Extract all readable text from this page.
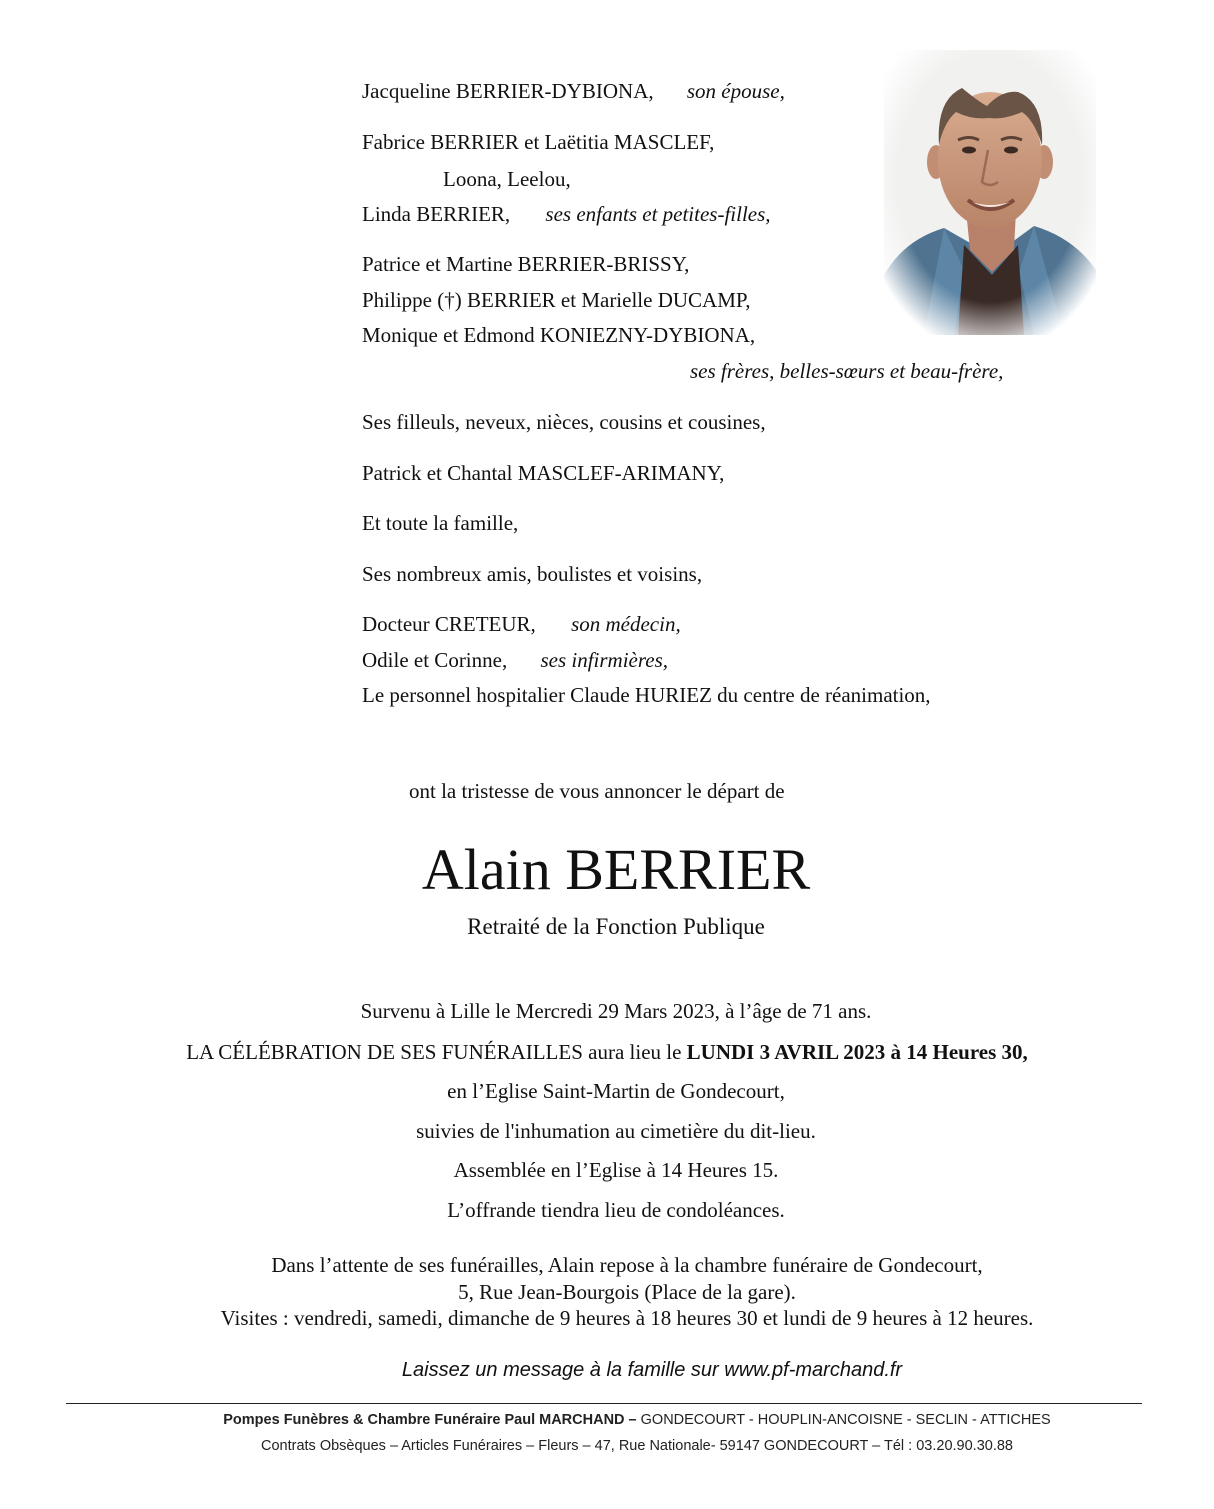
Jacqueline BERRIER-DYBIONA, son épouse,
Fabrice BERRIER et Laëtitia MASCLEF,
Loona, Leelou,
Linda BERRIER, ses enfants et petites-filles,
Patrice et Martine BERRIER-BRISSY,
Philippe (†) BERRIER et Marielle DUCAMP,
Monique et Edmond KONIEZNY-DYBIONA,
ses frères, belles-sœurs et beau-frère,
Ses filleuls, neveux, nièces, cousins et cousines,
Patrick et Chantal MASCLEF-ARIMANY,
Et toute la famille,
Ses nombreux amis, boulistes et voisins,
Docteur CRETEUR, son médecin,
Odile et Corinne, ses infirmières,
Le personnel hospitalier Claude HURIEZ du centre de réanimation,
ont la tristesse de vous annoncer le départ de
Alain BERRIER
Retraité de la Fonction Publique
Survenu à Lille le Mercredi 29 Mars 2023, à l’âge de 71 ans.
LA CÉLÉBRATION DE SES FUNÉRAILLES aura lieu le LUNDI 3 AVRIL 2023 à 14 Heures 30,
en l’Eglise Saint-Martin de Gondecourt,
suivies de l'inhumation au cimetière du dit-lieu.
Assemblée en l’Eglise à 14 Heures 15.
L’offrande tiendra lieu de condoléances.
Dans l’attente de ses funérailles, Alain repose à la chambre funéraire de Gondecourt,
5, Rue Jean-Bourgois (Place de la gare).
Visites : vendredi, samedi, dimanche de 9 heures à 18 heures 30 et lundi de 9 heures à 12 heures.
Laissez un message à la famille sur www.pf-marchand.fr
Pompes Funèbres & Chambre Funéraire Paul MARCHAND – GONDECOURT - HOUPLIN-ANCOISNE - SECLIN - ATTICHES
Contrats Obsèques – Articles Funéraires – Fleurs – 47, Rue Nationale- 59147 GONDECOURT – Tél : 03.20.90.30.88
